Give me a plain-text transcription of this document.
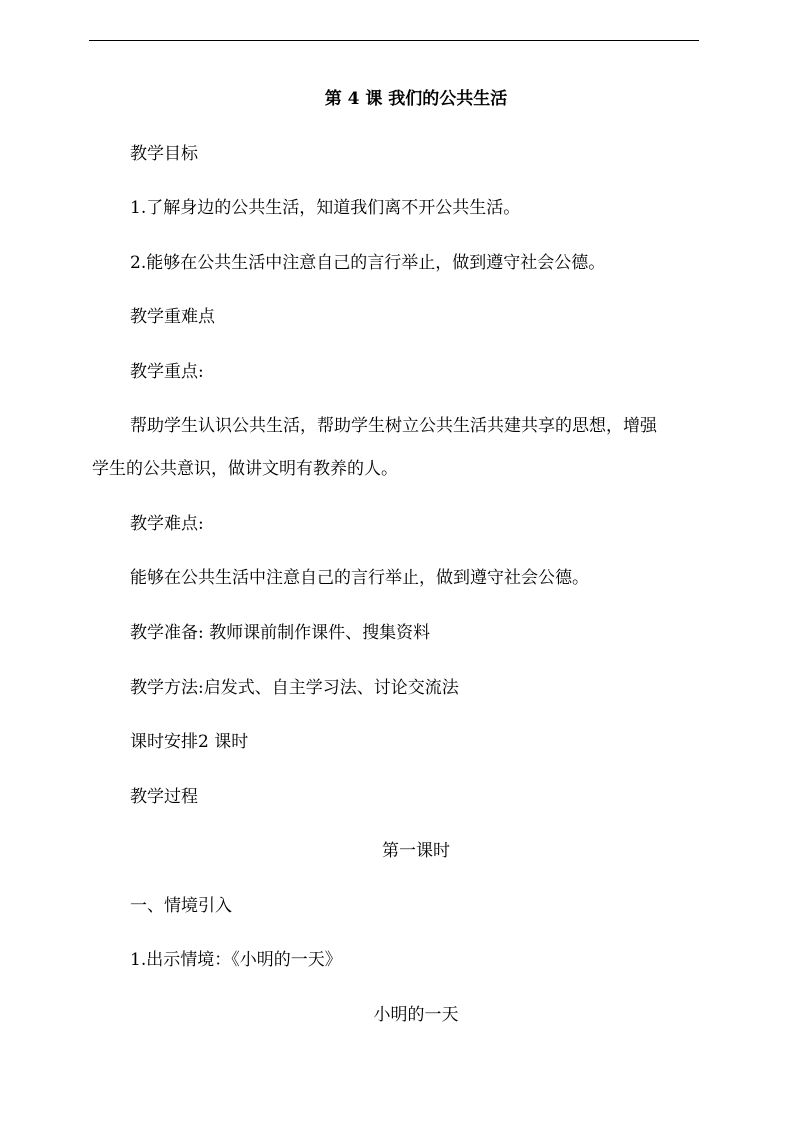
第 4 课 我们的公共生活
教学目标
1.了解身边的公共生活，知道我们离不开公共生活。
2.能够在公共生活中注意自己的言行举止，做到遵守社会公德。
教学重难点
教学重点:
帮助学生认识公共生活，帮助学生树立公共生活共建共享的思想，增强
学生的公共意识，做讲文明有教养的人。
教学难点:
能够在公共生活中注意自己的言行举止，做到遵守社会公德。
教学准备: 教师课前制作课件、搜集资料
教学方法:启发式、自主学习法、讨论交流法
课时安排2 课时
教学过程
第一课时
一、情境引入
1.出示情境：《小明的一天》
小明的一天
